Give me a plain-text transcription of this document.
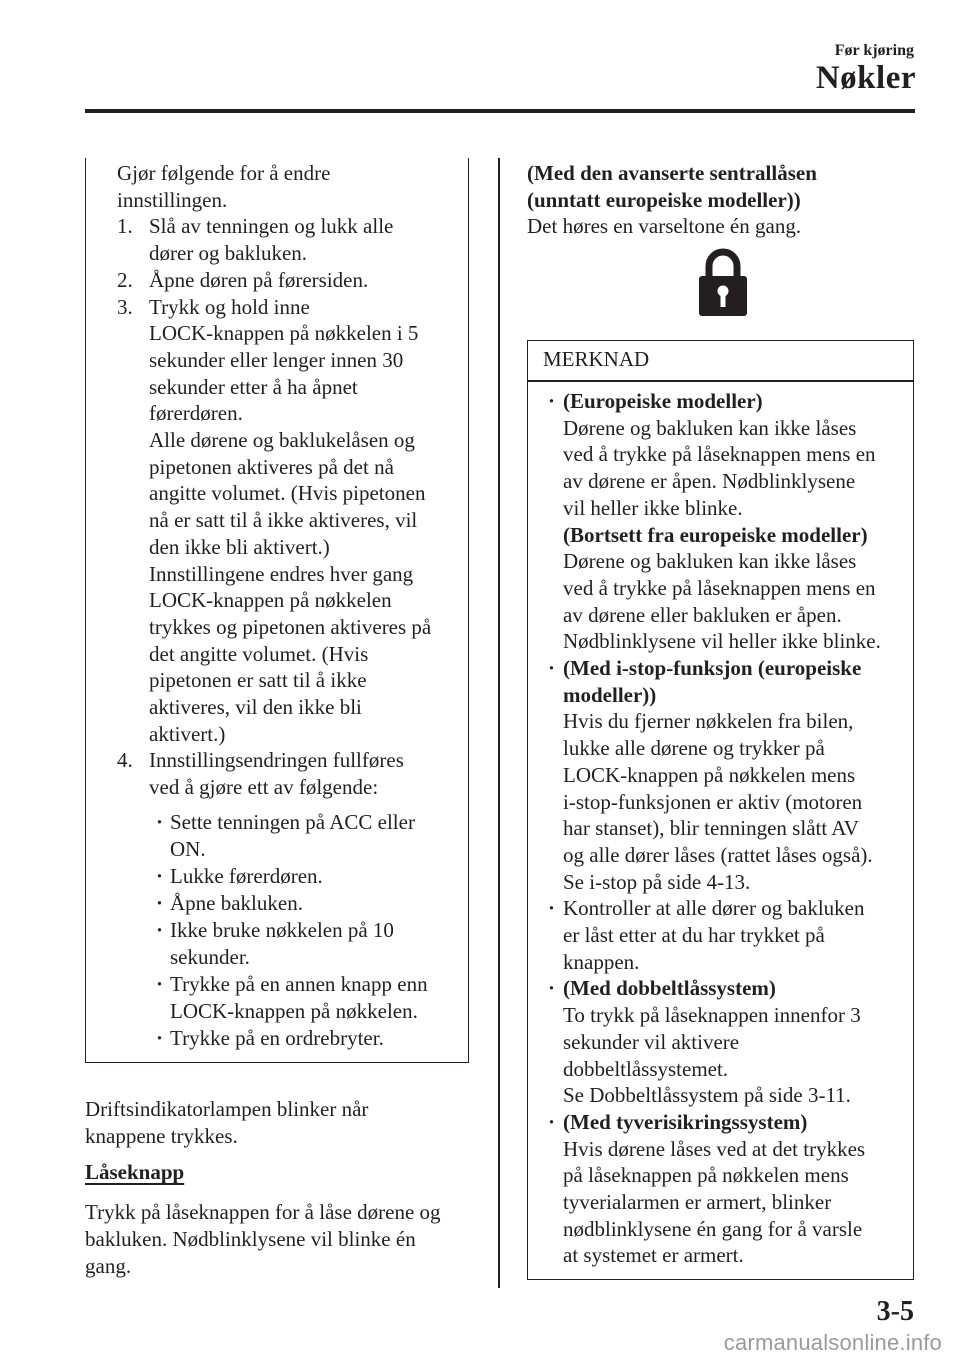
Før kjøring
Nøkler
Gjør følgende for å endre
innstillingen.
1. Slå av tenningen og lukk alle
dører og bakluken.
2. Åpne døren på førersiden.
3. Trykk og hold inne
LOCK-knappen på nøkkelen i 5
sekunder eller lenger innen 30
sekunder etter å ha åpnet
førerdøren.
Alle dørene og baklukelåsen og
pipetonen aktiveres på det nå
angitte volumet. (Hvis pipetonen
nå er satt til å ikke aktiveres, vil
den ikke bli aktivert.)
Innstillingene endres hver gang
LOCK-knappen på nøkkelen
trykkes og pipetonen aktiveres på
det angitte volumet. (Hvis
pipetonen er satt til å ikke
aktiveres, vil den ikke bli
aktivert.)
4. Innstillingsendringen fullføres
ved å gjøre ett av følgende:
· Sette tenningen på ACC eller
ON.
· Lukke førerdøren.
· Åpne bakluken.
· Ikke bruke nøkkelen på 10
sekunder.
· Trykke på en annen knapp enn
LOCK-knappen på nøkkelen.
· Trykke på en ordrebryter.
Driftsindikatorlampen blinker når
knappene trykkes.
Låseknapp
Trykk på låseknappen for å låse dørene og
bakluken. Nødblinklysene vil blinke én
gang.
(Med den avanserte sentrallåsen
(unntatt europeiske modeller))
Det høres en varseltone én gang.
MERKNAD
· (Europeiske modeller)
Dørene og bakluken kan ikke låses
ved å trykke på låseknappen mens en
av dørene er åpen. Nødblinklysene
vil heller ikke blinke.
(Bortsett fra europeiske modeller)
Dørene og bakluken kan ikke låses
ved å trykke på låseknappen mens en
av dørene eller bakluken er åpen.
Nødblinklysene vil heller ikke blinke.
· (Med i-stop-funksjon (europeiske
modeller))
Hvis du fjerner nøkkelen fra bilen,
lukke alle dørene og trykker på
LOCK-knappen på nøkkelen mens
i-stop-funksjonen er aktiv (motoren
har stanset), blir tenningen slått AV
og alle dører låses (rattet låses også).
Se i-stop på side 4-13.
· Kontroller at alle dører og bakluken
er låst etter at du har trykket på
knappen.
· (Med dobbeltlåssystem)
To trykk på låseknappen innenfor 3
sekunder vil aktivere
dobbeltlåssystemet.
Se Dobbeltlåssystem på side 3-11.
· (Med tyverisikringssystem)
Hvis dørene låses ved at det trykkes
på låseknappen på nøkkelen mens
tyverialarmen er armert, blinker
nødblinklysene én gang for å varsle
at systemet er armert.
3-5
carmanualsonline.info
